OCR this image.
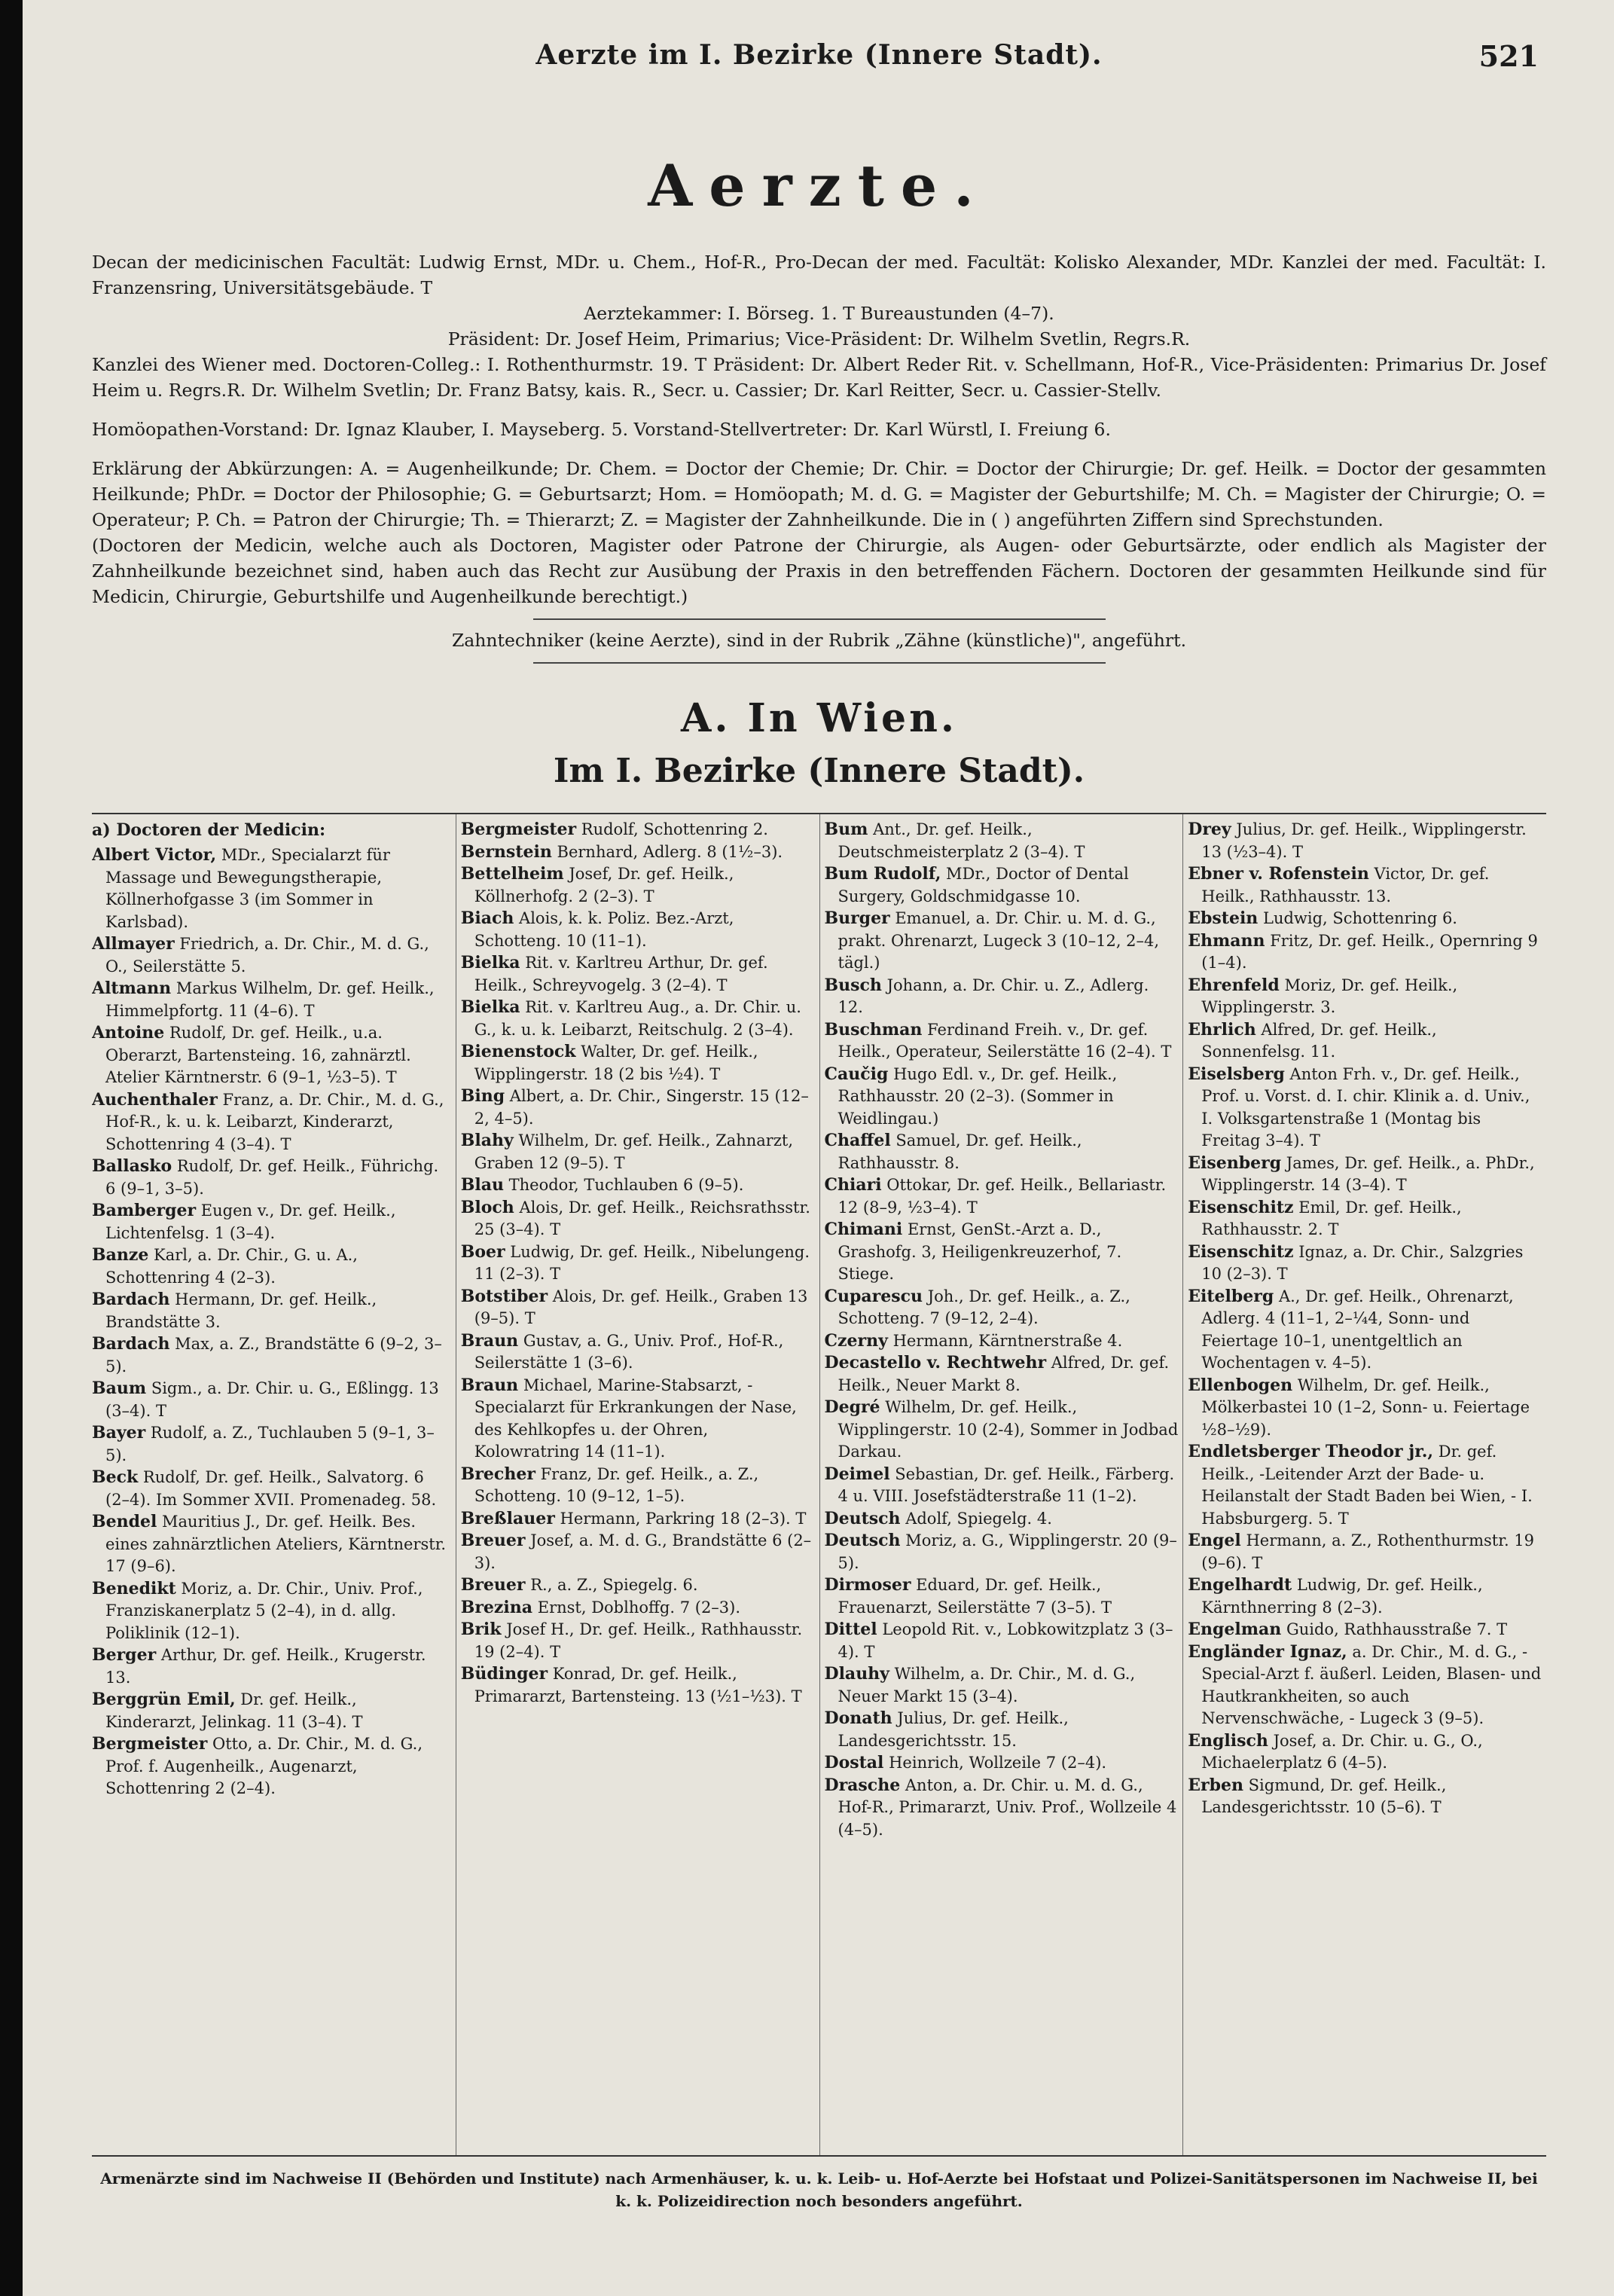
Aerzte im I. Bezirke (Innere Stadt).	521
Aerzte.

Decan der medicinischen Facultät: Ludwig Ernst, MDr. u. Chem., Hof-R., Pro-Decan der med. Facultät: Kolisko Alexander, MDr. Kanzlei der med. Facultät: I. Franzensring, Universitätsgebäude. T

Aerztekammer: I. Börseg. 1. T Bureaustunden (4–7).

Präsident: Dr. Josef Heim, Primarius; Vice-Präsident: Dr. Wilhelm Svetlin, Regrs.R.

Kanzlei des Wiener med. Doctoren-Colleg.: I. Rothenthurmstr. 19. T Präsident: Dr. Albert Reder Rit. v. Schellmann, Hof-R., Vice-Präsidenten: Primarius Dr. Josef Heim u. Regrs.R. Dr. Wilhelm Svetlin; Dr. Franz Batsy, kais. R., Secr. u. Cassier; Dr. Karl Reitter, Secr. u. Cassier-Stellv.

Homöopathen-Vorstand: Dr. Ignaz Klauber, I. Mayseberg. 5. Vorstand-Stellvertreter: Dr. Karl Würstl, I. Freiung 6.

Erklärung der Abkürzungen: A. = Augenheilkunde; Dr. Chem. = Doctor der Chemie; Dr. Chir. = Doctor der Chirurgie; Dr. gef. Heilk. = Doctor der gesammten Heilkunde; PhDr. = Doctor der Philosophie; G. = Geburtsarzt; Hom. = Homöopath; M. d. G. = Magister der Geburtshilfe; M. Ch. = Magister der Chirurgie; O. = Operateur; P. Ch. = Patron der Chirurgie; Th. = Thierarzt; Z. = Magister der Zahnheilkunde. Die in ( ) angeführten Ziffern sind Sprechstunden.

(Doctoren der Medicin, welche auch als Doctoren, Magister oder Patrone der Chirurgie, als Augen- oder Geburtsärzte, oder endlich als Magister der Zahnheilkunde bezeichnet sind, haben auch das Recht zur Ausübung der Praxis in den betreffenden Fächern. Doctoren der gesammten Heilkunde sind für Medicin, Chirurgie, Geburtshilfe und Augenheilkunde berechtigt.)

Zahntechniker (keine Aerzte), sind in der Rubrik „Zähne (künstliche)", angeführt.

A. In Wien.
Im I. Bezirke (Innere Stadt).
a) Doctoren der Medicin:

Albert Victor, MDr., Specialarzt für Massage und Bewegungstherapie, Köllnerhofgasse 3 (im Sommer in Karlsbad).

Allmayer Friedrich, a. Dr. Chir., M. d. G., O., Seilerstätte 5.

Altmann Markus Wilhelm, Dr. gef. Heilk., Himmelpfortg. 11 (4–6). T

Antoine Rudolf, Dr. gef. Heilk., u.a. Oberarzt, Bartensteing. 16, zahnärztl. Atelier Kärntnerstr. 6 (9–1, ½3–5). T

Auchenthaler Franz, a. Dr. Chir., M. d. G., Hof-R., k. u. k. Leibarzt, Kinderarzt, Schottenring 4 (3–4). T

Ballasko Rudolf, Dr. gef. Heilk., Führichg. 6 (9–1, 3–5).

Bamberger Eugen v., Dr. gef. Heilk., Lichtenfelsg. 1 (3–4).

Banze Karl, a. Dr. Chir., G. u. A., Schottenring 4 (2–3).

Bardach Hermann, Dr. gef. Heilk., Brandstätte 3.

Bardach Max, a. Z., Brandstätte 6 (9–2, 3–5).

Baum Sigm., a. Dr. Chir. u. G., Eßlingg. 13 (3–4). T

Bayer Rudolf, a. Z., Tuchlauben 5 (9–1, 3–5).

Beck Rudolf, Dr. gef. Heilk., Salvatorg. 6 (2–4). Im Sommer XVII. Promenadeg. 58.

Bendel Mauritius J., Dr. gef. Heilk. Bes. eines zahnärztlichen Ateliers, Kärntnerstr. 17 (9–6).

Benedikt Moriz, a. Dr. Chir., Univ. Prof., Franziskanerplatz 5 (2–4), in d. allg. Poliklinik (12–1).

Berger Arthur, Dr. gef. Heilk., Krugerstr. 13.

Berggrün Emil, Dr. gef. Heilk., Kinderarzt, Jelinkag. 11 (3–4). T

Bergmeister Otto, a. Dr. Chir., M. d. G., Prof. f. Augenheilk., Augenarzt, Schottenring 2 (2–4).

Bergmeister Rudolf, Schottenring 2.

Bernstein Bernhard, Adlerg. 8 (1½–3).

Bettelheim Josef, Dr. gef. Heilk., Köllnerhofg. 2 (2–3). T

Biach Alois, k. k. Poliz. Bez.-Arzt, Schotteng. 10 (11–1).

Bielka Rit. v. Karltreu Arthur, Dr. gef. Heilk., Schreyvogelg. 3 (2–4). T

Bielka Rit. v. Karltreu Aug., a. Dr. Chir. u. G., k. u. k. Leibarzt, Reitschulg. 2 (3–4).

Bienenstock Walter, Dr. gef. Heilk., Wipplingerstr. 18 (2 bis ½4). T

Bing Albert, a. Dr. Chir., Singerstr. 15 (12–2, 4–5).

Blahy Wilhelm, Dr. gef. Heilk., Zahnarzt, Graben 12 (9–5). T

Blau Theodor, Tuchlauben 6 (9–5).

Bloch Alois, Dr. gef. Heilk., Reichsrathsstr. 25 (3–4). T

Boer Ludwig, Dr. gef. Heilk., Nibelungeng. 11 (2–3). T

Botstiber Alois, Dr. gef. Heilk., Graben 13 (9–5). T

Braun Gustav, a. G., Univ. Prof., Hof-R., Seilerstätte 1 (3–6).

Braun Michael, Marine-Stabsarzt, -Specialarzt für Erkrankungen der Nase, des Kehlkopfes u. der Ohren, Kolowratring 14 (11–1).

Brecher Franz, Dr. gef. Heilk., a. Z., Schotteng. 10 (9–12, 1–5).

Breßlauer Hermann, Parkring 18 (2–3). T

Breuer Josef, a. M. d. G., Brandstätte 6 (2–3).

Breuer R., a. Z., Spiegelg. 6.

Brezina Ernst, Doblhoffg. 7 (2–3).

Brik Josef H., Dr. gef. Heilk., Rathhausstr. 19 (2–4). T

Büdinger Konrad, Dr. gef. Heilk., Primararzt, Bartensteing. 13 (½1–½3). T

Bum Ant., Dr. gef. Heilk., Deutschmeisterplatz 2 (3–4). T

Bum Rudolf, MDr., Doctor of Dental Surgery, Goldschmidgasse 10.

Burger Emanuel, a. Dr. Chir. u. M. d. G., prakt. Ohrenarzt, Lugeck 3 (10–12, 2–4, tägl.)

Busch Johann, a. Dr. Chir. u. Z., Adlerg. 12.

Buschman Ferdinand Freih. v., Dr. gef. Heilk., Operateur, Seilerstätte 16 (2–4). T

Caučig Hugo Edl. v., Dr. gef. Heilk., Rathhausstr. 20 (2–3). (Sommer in Weidlingau.)

Chaffel Samuel, Dr. gef. Heilk., Rathhausstr. 8.

Chiari Ottokar, Dr. gef. Heilk., Bellariastr. 12 (8–9, ½3–4). T

Chimani Ernst, GenSt.-Arzt a. D., Grashofg. 3, Heiligenkreuzerhof, 7. Stiege.

Cuparescu Joh., Dr. gef. Heilk., a. Z., Schotteng. 7 (9–12, 2–4).

Czerny Hermann, Kärntnerstraße 4.

Decastello v. Rechtwehr Alfred, Dr. gef. Heilk., Neuer Markt 8.

Degré Wilhelm, Dr. gef. Heilk., Wipplingerstr. 10 (2-4), Sommer in Jodbad Darkau.

Deimel Sebastian, Dr. gef. Heilk., Färberg. 4 u. VIII. Josefstädterstraße 11 (1–2).

Deutsch Adolf, Spiegelg. 4.

Deutsch Moriz, a. G., Wipplingerstr. 20 (9–5).

Dirmoser Eduard, Dr. gef. Heilk., Frauenarzt, Seilerstätte 7 (3–5). T

Dittel Leopold Rit. v., Lobkowitzplatz 3 (3–4). T

Dlauhy Wilhelm, a. Dr. Chir., M. d. G., Neuer Markt 15 (3–4).

Donath Julius, Dr. gef. Heilk., Landesgerichtsstr. 15.

Dostal Heinrich, Wollzeile 7 (2–4).

Drasche Anton, a. Dr. Chir. u. M. d. G., Hof-R., Primararzt, Univ. Prof., Wollzeile 4 (4–5).

Drey Julius, Dr. gef. Heilk., Wipplingerstr. 13 (½3–4). T

Ebner v. Rofenstein Victor, Dr. gef. Heilk., Rathhausstr. 13.

Ebstein Ludwig, Schottenring 6.

Ehmann Fritz, Dr. gef. Heilk., Opernring 9 (1–4).

Ehrenfeld Moriz, Dr. gef. Heilk., Wipplingerstr. 3.

Ehrlich Alfred, Dr. gef. Heilk., Sonnenfelsg. 11.

Eiselsberg Anton Frh. v., Dr. gef. Heilk., Prof. u. Vorst. d. I. chir. Klinik a. d. Univ., I. Volksgartenstraße 1 (Montag bis Freitag 3–4). T

Eisenberg James, Dr. gef. Heilk., a. PhDr., Wipplingerstr. 14 (3–4). T

Eisenschitz Emil, Dr. gef. Heilk., Rathhausstr. 2. T

Eisenschitz Ignaz, a. Dr. Chir., Salzgries 10 (2–3). T

Eitelberg A., Dr. gef. Heilk., Ohrenarzt, Adlerg. 4 (11–1, 2–¼4, Sonn- und Feiertage 10–1, unentgeltlich an Wochentagen v. 4–5).

Ellenbogen Wilhelm, Dr. gef. Heilk., Mölkerbastei 10 (1–2, Sonn- u. Feiertage ½8–½9).

Endletsberger Theodor jr., Dr. gef. Heilk., -Leitender Arzt der Bade- u. Heilanstalt der Stadt Baden bei Wien, - I. Habsburgerg. 5. T

Engel Hermann, a. Z., Rothenthurmstr. 19 (9–6). T

Engelhardt Ludwig, Dr. gef. Heilk., Kärnthnerring 8 (2–3).

Engelman Guido, Rathhausstraße 7. T

Engländer Ignaz, a. Dr. Chir., M. d. G., -Special-Arzt f. äußerl. Leiden, Blasen- und Hautkrankheiten, so auch Nervenschwäche, - Lugeck 3 (9–5).

Englisch Josef, a. Dr. Chir. u. G., O., Michaelerplatz 6 (4–5).

Erben Sigmund, Dr. gef. Heilk., Landesgerichtsstr. 10 (5–6). T

Armenärzte sind im Nachweise II (Behörden und Institute) nach Armenhäuser, k. u. k. Leib- u. Hof-Aerzte bei Hofstaat und Polizei-Sanitätspersonen im Nachweise II, bei k. k. Polizeidirection noch besonders angeführt.
